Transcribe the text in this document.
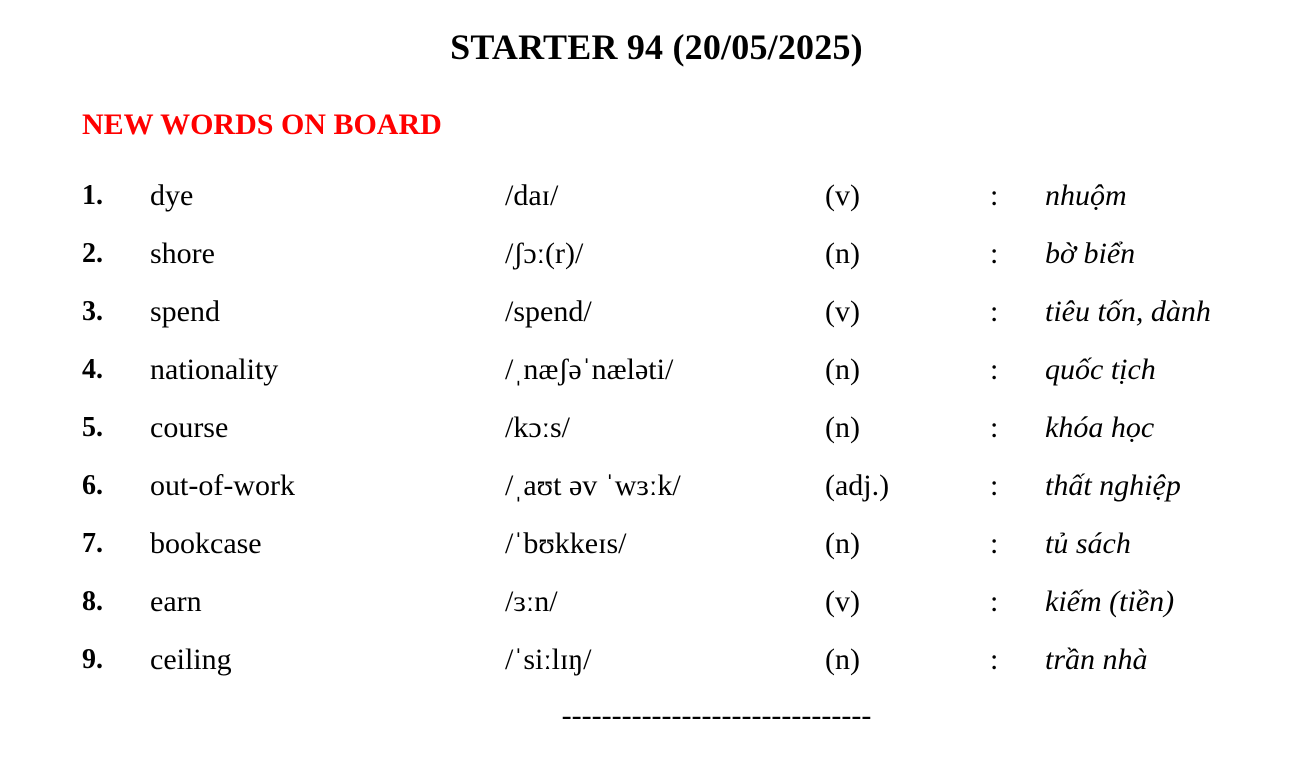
STARTER 94 (20/05/2025)
NEW WORDS ON BOARD
1.	dye	/daɪ/	(v)	:	nhuộm
2.	shore	/ʃɔː(r)/	(n)	:	bờ biển
3.	spend	/spend/	(v)	:	tiêu tốn, dành
4.	nationality	/ˌnæʃəˈnæləti/	(n)	:	quốc tịch
5.	course	/kɔːs/	(n)	:	khóa học
6.	out-of-work	/ˌaʊt əv ˈwɜːk/	(adj.)	:	thất nghiệp
7.	bookcase	/ˈbʊkkeɪs/	(n)	:	tủ sách
8.	earn	/ɜːn/	(v)	:	kiếm (tiền)
9.	ceiling	/ˈsiːlɪŋ/	(n)	:	trần nhà
-------------------------------
